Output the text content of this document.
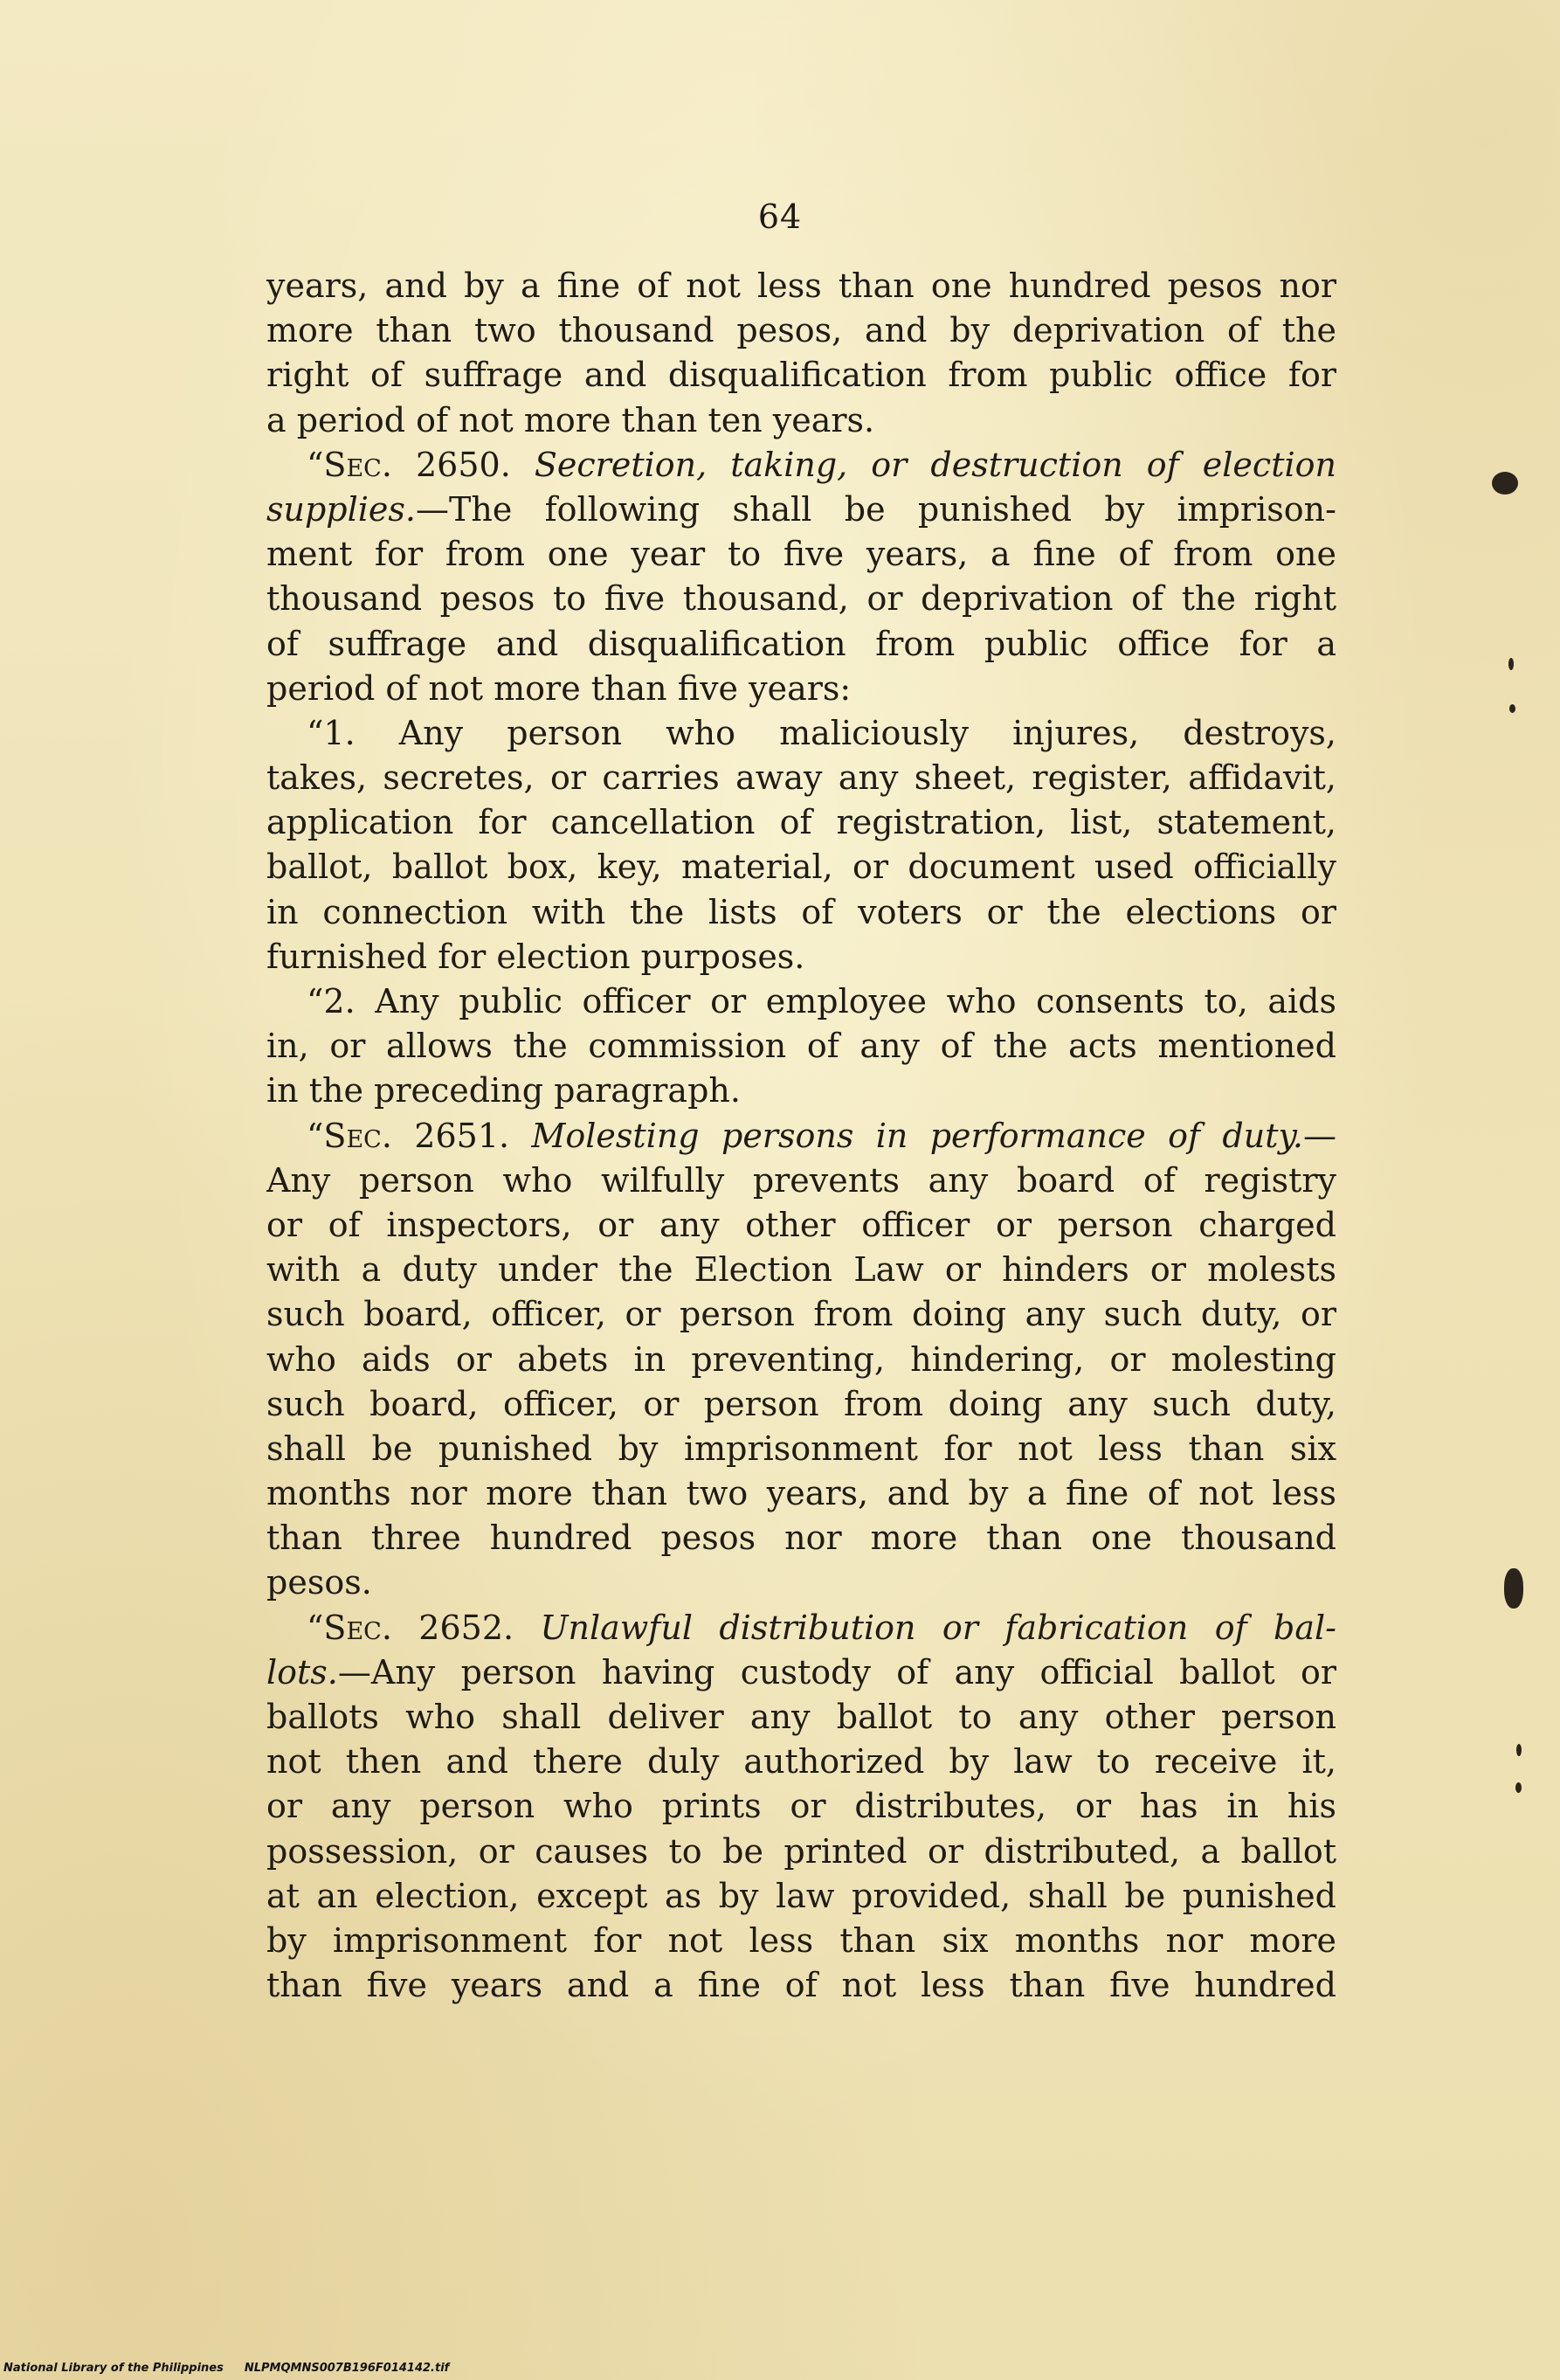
64
years, and by a fine of not less than one hundred pesos nor
more than two thousand pesos, and by deprivation of the
right of suffrage and disqualification from public office for
a period of not more than ten years.
“Sec. 2650. Secretion, taking, or destruction of election
supplies.—The following shall be punished by imprison-
ment for from one year to five years, a fine of from one
thousand pesos to five thousand, or deprivation of the right
of suffrage and disqualification from public office for a
period of not more than five years:
“1. Any person who maliciously injures, destroys,
takes, secretes, or carries away any sheet, register, affidavit,
application for cancellation of registration, list, statement,
ballot, ballot box, key, material, or document used officially
in connection with the lists of voters or the elections or
furnished for election purposes.
“2. Any public officer or employee who consents to, aids
in, or allows the commission of any of the acts mentioned
in the preceding paragraph.
“Sec. 2651. Molesting persons in performance of duty.—
Any person who wilfully prevents any board of registry
or of inspectors, or any other officer or person charged
with a duty under the Election Law or hinders or molests
such board, officer, or person from doing any such duty, or
who aids or abets in preventing, hindering, or molesting
such board, officer, or person from doing any such duty,
shall be punished by imprisonment for not less than six
months nor more than two years, and by a fine of not less
than three hundred pesos nor more than one thousand
pesos.
“Sec. 2652. Unlawful distribution or fabrication of bal-
lots.—Any person having custody of any official ballot or
ballots who shall deliver any ballot to any other person
not then and there duly authorized by law to receive it,
or any person who prints or distributes, or has in his
possession, or causes to be printed or distributed, a ballot
at an election, except as by law provided, shall be punished
by imprisonment for not less than six months nor more
than five years and a fine of not less than five hundred
National Library of the Philippines NLPMQMNS007B196F014142.tif
